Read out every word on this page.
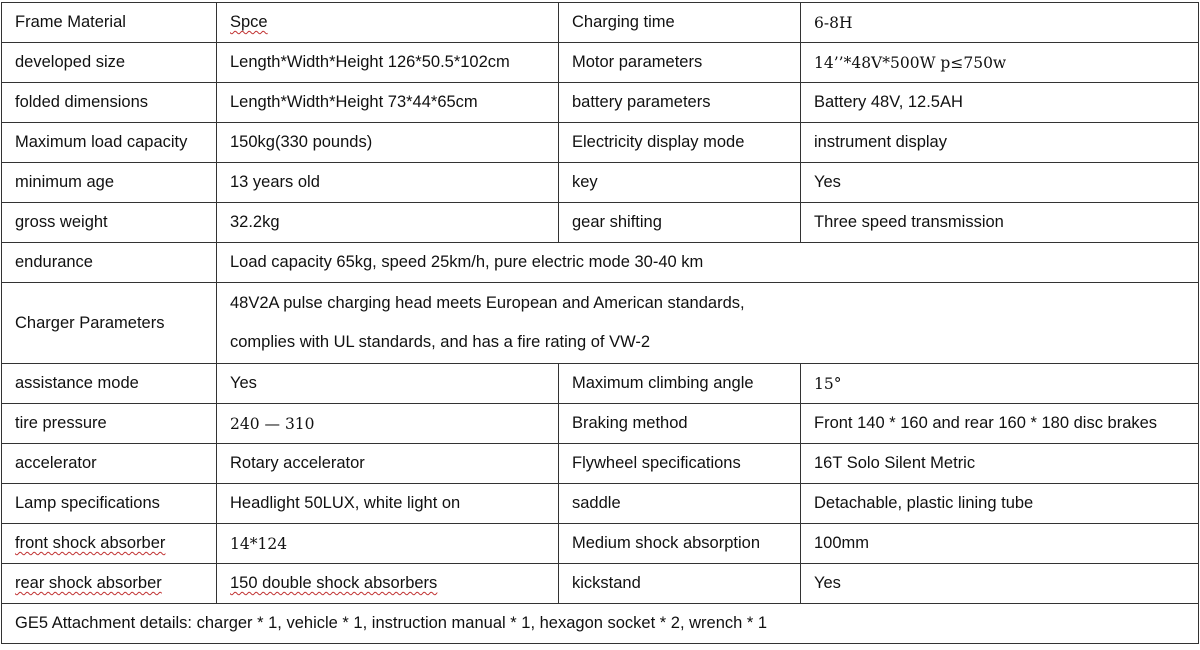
Frame Material	Spce	Charging time	6-8H
developed size	Length*Width*Height 126*50.5*102cm	Motor parameters	14’’*48V*500W p≤750w
folded dimensions	Length*Width*Height 73*44*65cm	battery parameters	Battery 48V, 12.5AH
Maximum load capacity	150kg(330 pounds)	Electricity display mode	instrument display
minimum age	13 years old	key	Yes
gross weight	32.2kg	gear shifting	Three speed transmission
endurance	Load capacity 65kg, speed 25km/h, pure electric mode 30-40 km		
Charger Parameters	48V2A pulse charging head meets European and American standards,
complies with UL standards, and has a fire rating of VW-2		

assistance mode	Yes	Maximum climbing angle	15°
tire pressure	240 — 310	Braking method	Front 140 * 160 and rear 160 * 180 disc brakes
accelerator	Rotary accelerator	Flywheel specifications	16T Solo Silent Metric
Lamp specifications	Headlight 50LUX, white light on	saddle	Detachable, plastic lining tube
front shock absorber	14*124	Medium shock absorption	100mm
rear shock absorber	150 double shock absorbers	kickstand	Yes
GE5 Attachment details: charger * 1, vehicle * 1, instruction manual * 1, hexagon socket * 2, wrench * 1			
